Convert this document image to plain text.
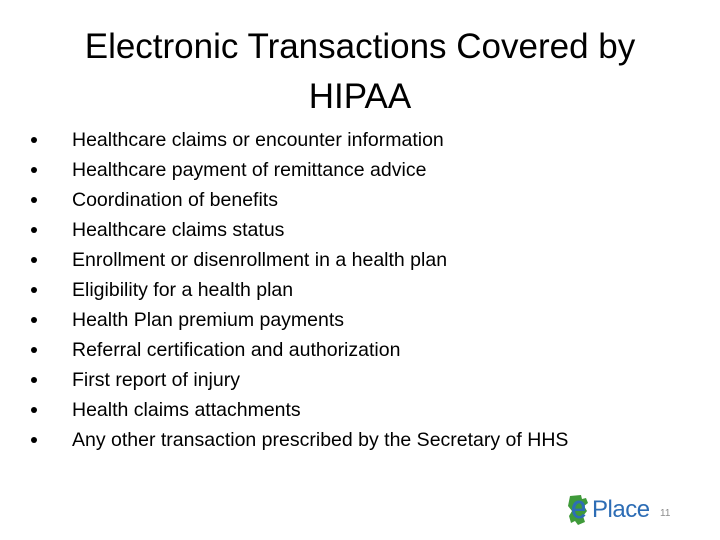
Electronic Transactions Covered by
HIPAA
Healthcare claims or encounter information
Healthcare payment of remittance advice
Coordination of benefits
Healthcare claims status
Enrollment or disenrollment in a health plan
Eligibility for a health plan
Health Plan premium payments
Referral certification and authorization
First report of injury
Health claims attachments
Any other transaction prescribed by the Secretary of HHS
Place 11
